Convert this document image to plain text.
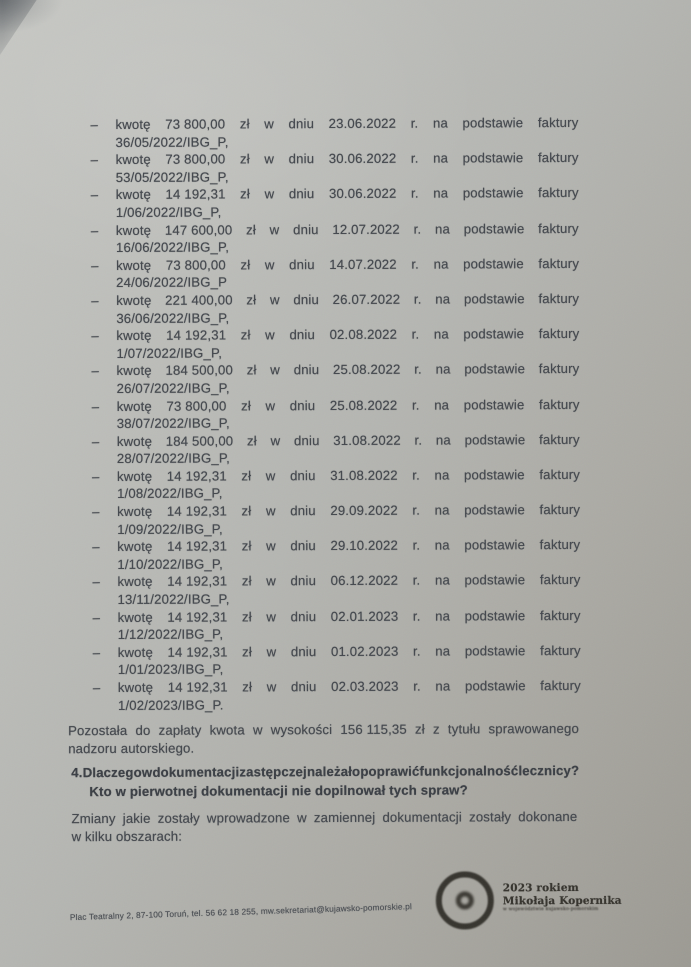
–	kwotę 73 800,00 zł w dniu 23.06.2022 r. na podstawie faktury
36/05/2022/IBG_P,
–	kwotę 73 800,00 zł w dniu 30.06.2022 r. na podstawie faktury
53/05/2022/IBG_P,
–	kwotę 14 192,31 zł w dniu 30.06.2022 r. na podstawie faktury
1/06/2022/IBG_P,
–	kwotę 147 600,00 zł w dniu 12.07.2022 r. na podstawie faktury
16/06/2022/IBG_P,
–	kwotę 73 800,00 zł w dniu 14.07.2022 r. na podstawie faktury
24/06/2022/IBG_P
–	kwotę 221 400,00 zł w dniu 26.07.2022 r. na podstawie faktury
36/06/2022/IBG_P,
–	kwotę 14 192,31 zł w dniu 02.08.2022 r. na podstawie faktury
1/07/2022/IBG_P,
–	kwotę 184 500,00 zł w dniu 25.08.2022 r. na podstawie faktury
26/07/2022/IBG_P,
–	kwotę 73 800,00 zł w dniu 25.08.2022 r. na podstawie faktury
38/07/2022/IBG_P,
–	kwotę 184 500,00 zł w dniu 31.08.2022 r. na podstawie faktury
28/07/2022/IBG_P,
–	kwotę 14 192,31 zł w dniu 31.08.2022 r. na podstawie faktury
1/08/2022/IBG_P,
–	kwotę 14 192,31 zł w dniu 29.09.2022 r. na podstawie faktury
1/09/2022/IBG_P,
–	kwotę 14 192,31 zł w dniu 29.10.2022 r. na podstawie faktury
1/10/2022/IBG_P,
–	kwotę 14 192,31 zł w dniu 06.12.2022 r. na podstawie faktury
13/11/2022/IBG_P,
–	kwotę 14 192,31 zł w dniu 02.01.2023 r. na podstawie faktury
1/12/2022/IBG_P,
–	kwotę 14 192,31 zł w dniu 01.02.2023 r. na podstawie faktury
1/01/2023/IBG_P,
–	kwotę 14 192,31 zł w dniu 02.03.2023 r. na podstawie faktury
1/02/2023/IBG_P.
Pozostała do zapłaty kwota w wysokości 156 115,35 zł z tytułu sprawowanego
nadzoru autorskiego.
4. Dlaczego w dokumentacji zastępczej należało poprawić funkcjonalność lecznicy?
Kto w pierwotnej dokumentacji nie dopilnował tych spraw?
Zmiany jakie zostały wprowadzone w zamiennej dokumentacji zostały dokonane
w kilku obszarach:
Plac Teatralny 2, 87-100 Toruń, tel. 56 62 18 255, mw.sekretariat@kujawsko-pomorskie.pl
2023 rokiem
Mikołaja Kopernika
w województwie kujawsko-pomorskim
